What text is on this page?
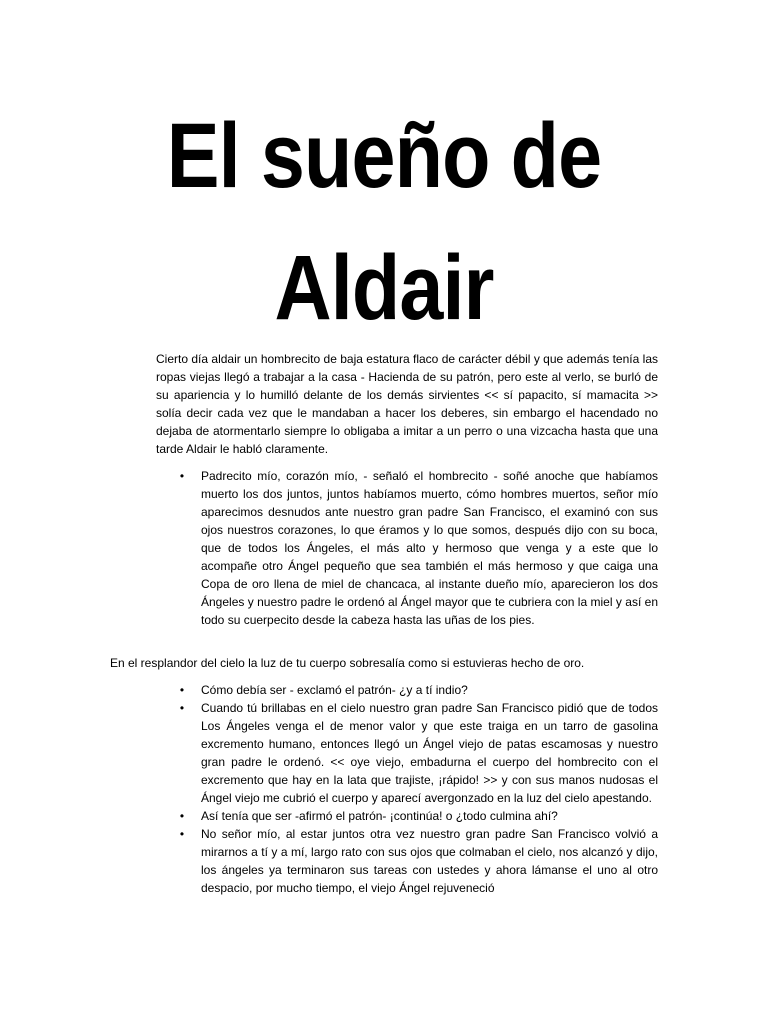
El sueño de
Aldair

Cierto día aldair un hombrecito de baja estatura flaco de carácter débil y que además tenía las ropas viejas llegó a trabajar a la casa - Hacienda de su patrón, pero este al verlo, se burló de su apariencia y lo humilló delante de los demás sirvientes << sí papacito, sí mamacita >> solía decir cada vez que le mandaban a hacer los deberes, sin embargo el hacendado no dejaba de atormentarlo siempre lo obligaba a imitar a un perro o una vizcacha hasta que una tarde Aldair le habló claramente.

•	Padrecito mío, corazón mío, - señaló el hombrecito - soñé anoche que habíamos muerto los dos juntos, juntos habíamos muerto, cómo hombres muertos, señor mío aparecimos desnudos ante nuestro gran padre San Francisco, el examinó con sus ojos nuestros corazones, lo que éramos y lo que somos, después dijo con su boca, que de todos los Ángeles, el más alto y hermoso que venga y a este que lo acompañe otro Ángel pequeño que sea también el más hermoso y que caiga una Copa de oro llena de miel de chancaca, al instante dueño mío, aparecieron los dos Ángeles y nuestro padre le ordenó al Ángel mayor que te cubriera con la miel y así en todo su cuerpecito desde la cabeza hasta las uñas de los pies.

En el resplandor del cielo la luz de tu cuerpo sobresalía como si estuvieras hecho de oro.

•	Cómo debía ser - exclamó el patrón- ¿y a tí indio?
•	Cuando tú brillabas en el cielo nuestro gran padre San Francisco pidió que de todos Los Ángeles venga el de menor valor y que este traiga en un tarro de gasolina excremento humano, entonces llegó un Ángel viejo de patas escamosas y nuestro gran padre le ordenó. << oye viejo, embadurna el cuerpo del hombrecito con el excremento que hay en la lata que trajiste, ¡rápido! >> y con sus manos nudosas el Ángel viejo me cubrió el cuerpo y aparecí avergonzado en la luz del cielo apestando.
•	Así tenía que ser -afirmó el patrón- ¡continúa! o ¿todo culmina ahí?
•	No señor mío, al estar juntos otra vez nuestro gran padre San Francisco volvió a mirarnos a tí y a mí, largo rato con sus ojos que colmaban el cielo, nos alcanzó y dijo, los ángeles ya terminaron sus tareas con ustedes y ahora lámanse el uno al otro despacio, por mucho tiempo, el viejo Ángel rejuveneció
